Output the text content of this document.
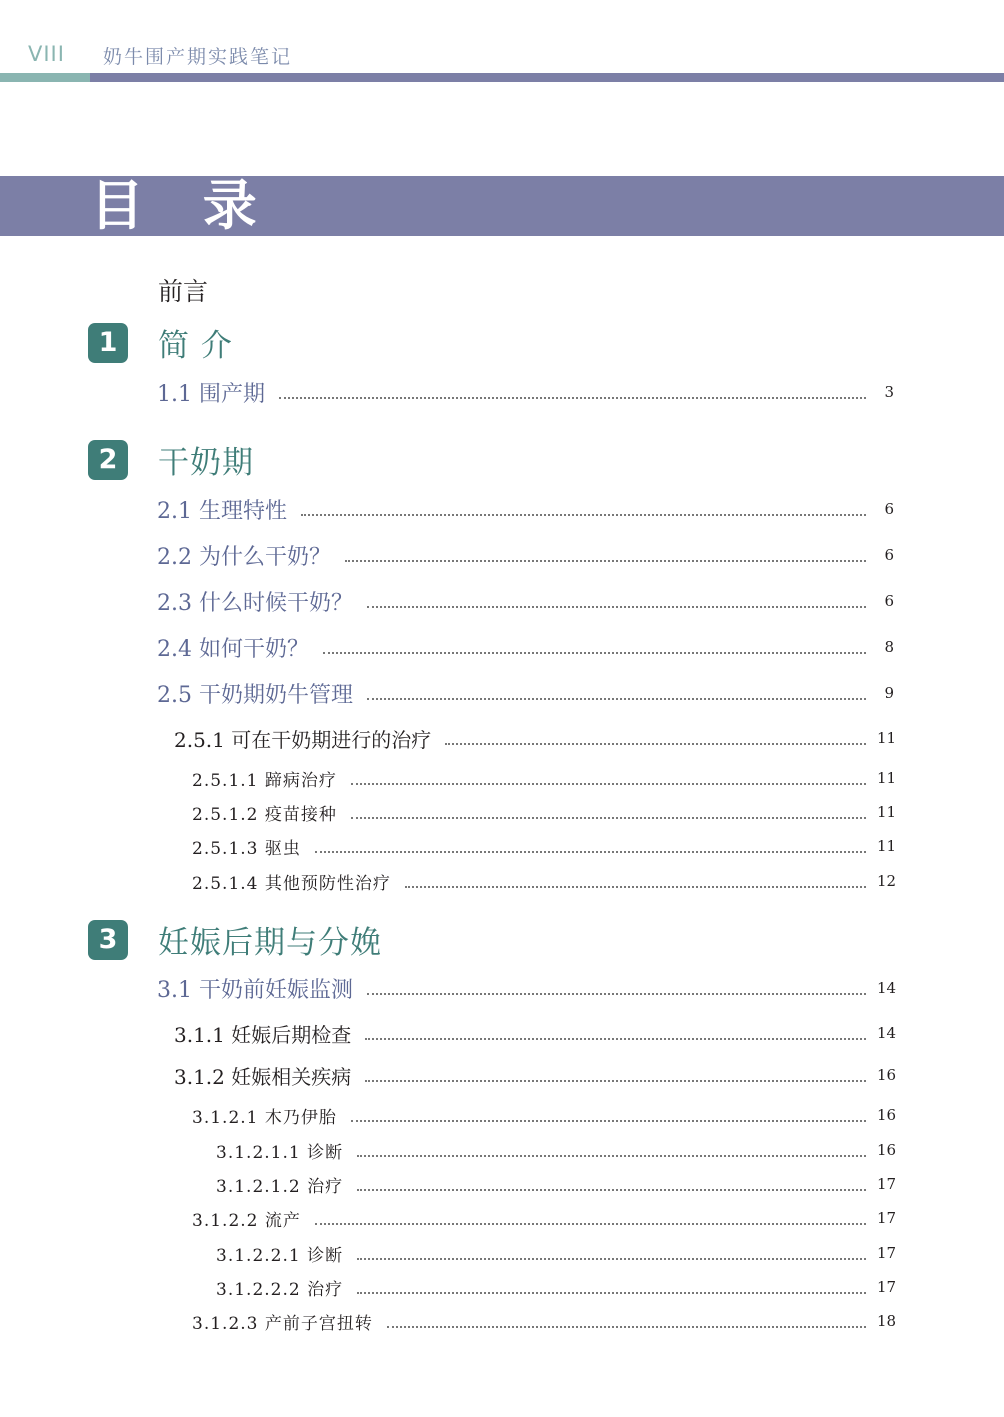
VIII 奶牛围产期实践笔记
目 录
前言
1	简 介
1.1 围产期	3
2	干奶期
2.1 生理特性	6
2.2 为什么干奶？	6
2.3 什么时候干奶？	6
2.4 如何干奶？	8
2.5 干奶期奶牛管理	9
2.5.1 可在干奶期进行的治疗	11
2.5.1.1 蹄病治疗	11
2.5.1.2 疫苗接种	11
2.5.1.3 驱虫	11
2.5.1.4 其他预防性治疗	12
3	妊娠后期与分娩
3.1 干奶前妊娠监测	14
3.1.1 妊娠后期检查	14
3.1.2 妊娠相关疾病	16
3.1.2.1 木乃伊胎	16
3.1.2.1.1 诊断	16
3.1.2.1.2 治疗	17
3.1.2.2 流产	17
3.1.2.2.1 诊断	17
3.1.2.2.2 治疗	17
3.1.2.3 产前子宫扭转	18
